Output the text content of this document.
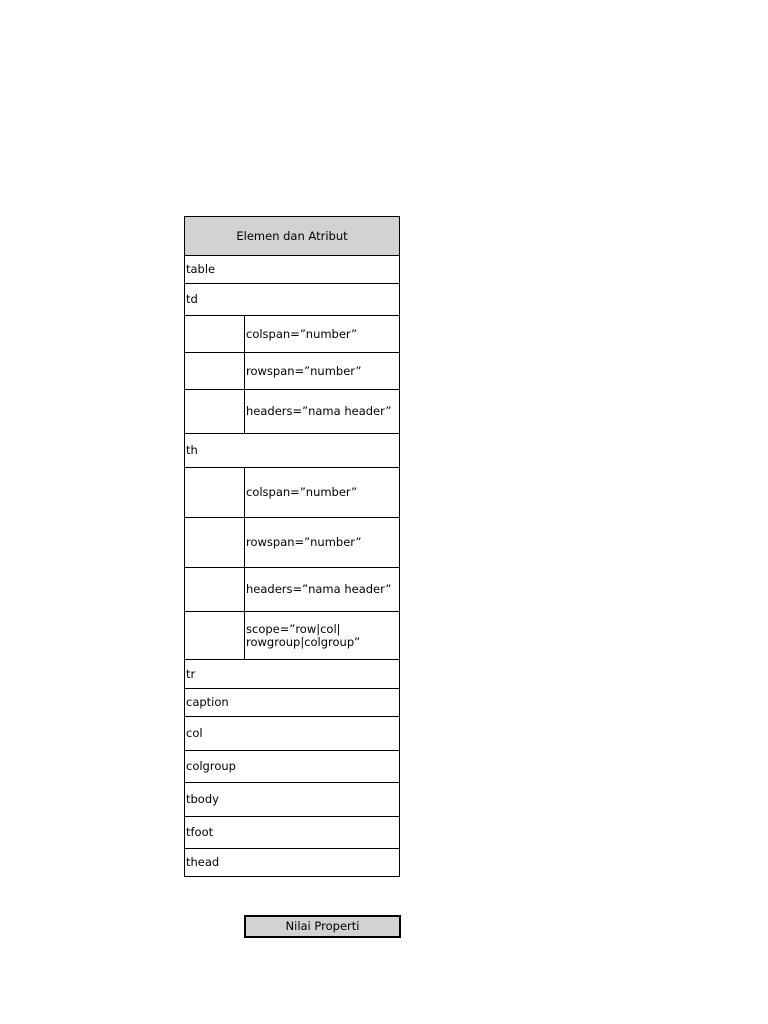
Elemen dan Atribut	
table	
td	
	colspan=”number”
	rowspan=”number”
	headers=”nama header”
th	
	colspan=”number”
	rowspan=”number”
	headers=”nama header”
	scope=”row|col| rowgroup|colgroup”
tr	
caption	
col	
colgroup	
tbody	
tfoot	
thead	
Nilai Properti
